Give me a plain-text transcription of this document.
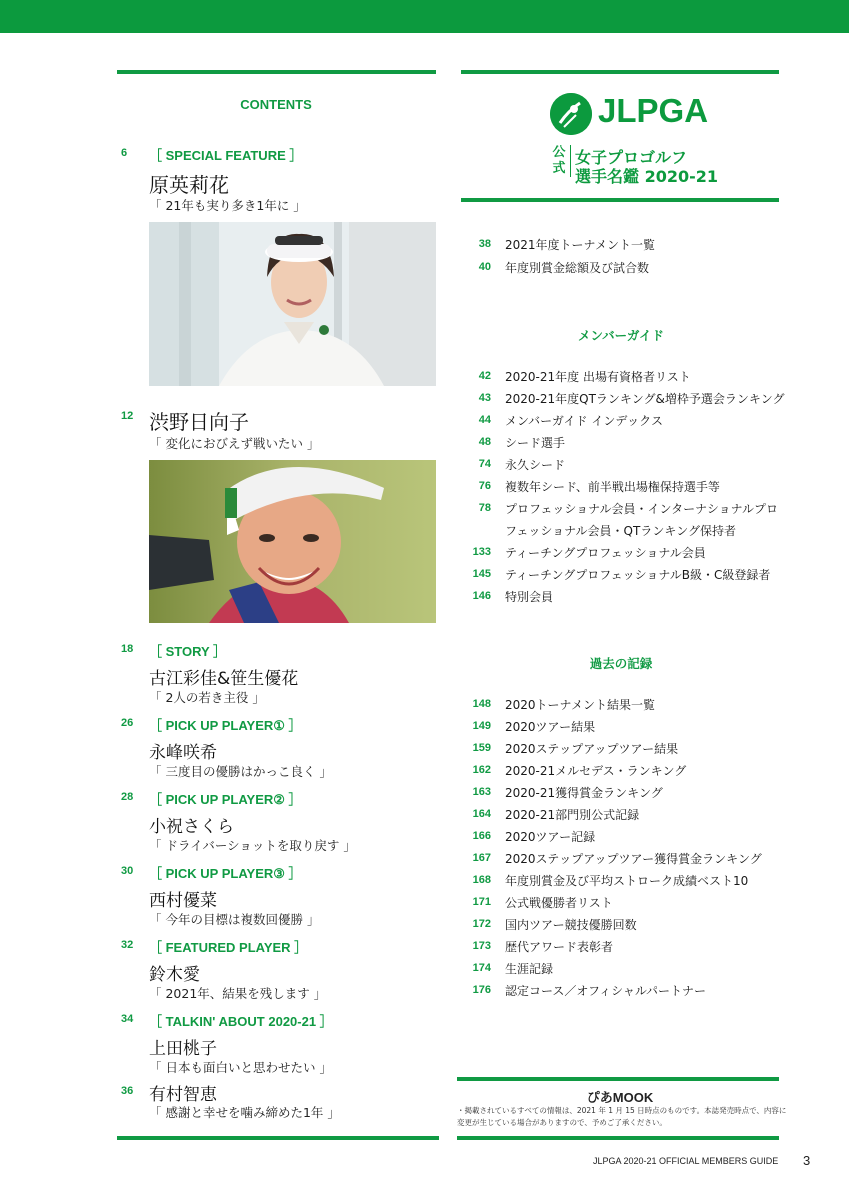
CONTENTS
6	［ SPECIAL FEATURE ］
原英莉花
「 21年も実り多き1年に 」
12 渋野日向子
「 変化におびえず戦いたい 」
18	［ STORY ］
古江彩佳&笹生優花
「 2人の若き主役 」
26	［ PICK UP PLAYER① ］
永峰咲希
「 三度目の優勝はかっこ良く 」
28	［ PICK UP PLAYER② ］
小祝さくら
「 ドライバーショットを取り戻す 」
30	［ PICK UP PLAYER③ ］
西村優菜
「 今年の目標は複数回優勝 」
32	［ FEATURED PLAYER ］
鈴木愛
「 2021年、結果を残します 」
34	［ TALKIN' ABOUT 2020-21 ］
上田桃子
「 日本も面白いと思わせたい 」
36 有村智恵
「 感謝と幸せを噛み締めた1年 」
JLPGA
公式
女子プロゴルフ
選手名鑑 2020-21
38 2021年度トーナメント一覧
40 年度別賞金総額及び試合数
メンバーガイド
42 2020-21年度 出場有資格者リスト
43 2020-21年度QTランキング&増枠予選会ランキング
44 メンバーガイド インデックス
48 シード選手
74 永久シード
76 複数年シード、前半戦出場権保持選手等
78 プロフェッショナル会員・インターナショナルプロ
フェッショナル会員・QTランキング保持者
133 ティーチングプロフェッショナル会員
145 ティーチングプロフェッショナルB級・C級登録者
146 特別会員
過去の記録
148 2020トーナメント結果一覧
149 2020ツアー結果
159 2020ステップアップツアー結果
162 2020-21メルセデス・ランキング
163 2020-21獲得賞金ランキング
164 2020-21部門別公式記録
166 2020ツアー記録
167 2020ステップアップツアー獲得賞金ランキング
168 年度別賞金及び平均ストローク成績ベスト10
171 公式戦優勝者リスト
172 国内ツアー競技優勝回数
173 歴代アワード表彰者
174 生涯記録
176 認定コース／オフィシャルパートナー
ぴあMOOK
・掲載されているすべての情報は、2021 年 1 月 15 日時点のものです。本誌発売時点で、内容に変更が生じている場合がありますので、予めご了承ください。
JLPGA 2020-21 OFFICIAL MEMBERS GUIDE 3
